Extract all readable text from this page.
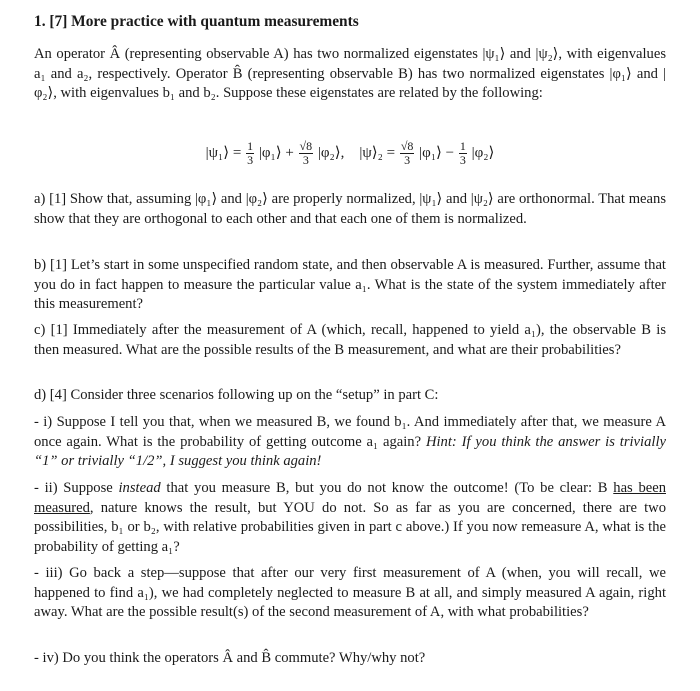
1. [7] More practice with quantum measurements
An operator Â (representing observable A) has two normalized eigenstates |ψ₁⟩ and |ψ₂⟩, with eigenvalues a₁ and a₂, respectively. Operator B̂ (representing observable B) has two normalized eigenstates |φ₁⟩ and |φ₂⟩, with eigenvalues b₁ and b₂. Suppose these eigenstates are related by the following:
|ψ₁⟩ = $\frac{1}{3}$ |φ₁⟩ + $\frac{√8}{3}$ |φ₂⟩, |ψ⟩₂ = $\frac{√8}{3}$ |φ₁⟩ − $\frac{1}{3}$ |φ₂⟩
a) [1] Show that, assuming |φ₁⟩ and |φ₂⟩ are properly normalized, |ψ₁⟩ and |ψ₂⟩ are orthonormal. That means show that they are orthogonal to each other and that each one of them is normalized.
b) [1] Let’s start in some unspecified random state, and then observable A is measured. Further, assume that you do in fact happen to measure the particular value a₁. What is the state of the system immediately after this measurement?
c) [1] Immediately after the measurement of A (which, recall, happened to yield a₁), the observable B is then measured. What are the possible results of the B measurement, and what are their probabilities?
d) [4] Consider three scenarios following up on the “setup” in part C:
- i) Suppose I tell you that, when we measured B, we found b₁. And immediately after that, we measure A once again. What is the probability of getting outcome a₁ again? Hint: If you think the answer is trivially “1” or trivially “1/2”, I suggest you think again!
- ii) Suppose instead that you measure B, but you do not know the outcome! (To be clear: B has been measured, nature knows the result, but YOU do not. So as far as you are concerned, there are two possibilities, b₁ or b₂, with relative probabilities given in part c above.) If you now remeasure A, what is the probability of getting a₁?
- iii) Go back a step—suppose that after our very first measurement of A (when, you will recall, we happened to find a₁), we had completely neglected to measure B at all, and simply measured A again, right away. What are the possible result(s) of the second measurement of A, with what probabilities?
- iv) Do you think the operators Â and B̂ commute? Why/why not?
